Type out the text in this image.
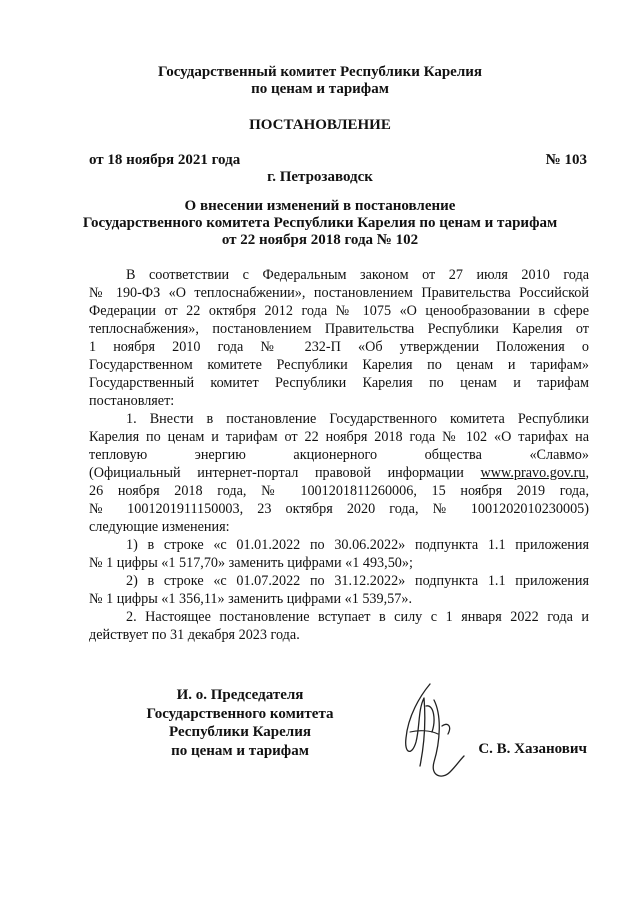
Государственный комитет Республики Карелия
по ценам и тарифам
ПОСТАНОВЛЕНИЕ
от 18 ноября 2021 года	№ 103
г. Петрозаводск
О внесении изменений в постановление
Государственного комитета Республики Карелия по ценам и тарифам
от 22 ноября 2018 года № 102
В соответствии с Федеральным законом от 27 июля 2010 года
№ 190-ФЗ «О теплоснабжении», постановлением Правительства Российской
Федерации от 22 октября 2012 года № 1075 «О ценообразовании в сфере
теплоснабжения», постановлением Правительства Республики Карелия от
1 ноября 2010 года № 232-П «Об утверждении Положения о
Государственном комитете Республики Карелия по ценам и тарифам»
Государственный комитет Республики Карелия по ценам и тарифам
постановляет:
1. Внести в постановление Государственного комитета Республики
Карелия по ценам и тарифам от 22 ноября 2018 года № 102 «О тарифах на
тепловую энергию акционерного общества «Славмо»
(Официальный интернет-портал правовой информации www.pravo.gov.ru,
26 ноября 2018 года, № 1001201811260006, 15 ноября 2019 года,
№ 1001201911150003, 23 октября 2020 года, № 1001202010230005)
следующие изменения:
1) в строке «с 01.01.2022 по 30.06.2022» подпункта 1.1 приложения
№ 1 цифры «1 517,70» заменить цифрами «1 493,50»;
2) в строке «с 01.07.2022 по 31.12.2022» подпункта 1.1 приложения
№ 1 цифры «1 356,11» заменить цифрами «1 539,57».
2. Настоящее постановление вступает в силу с 1 января 2022 года и
действует по 31 декабря 2023 года.
И. о. Председателя
Государственного комитета
Республики Карелия
по ценам и тарифам	С. В. Хазанович
